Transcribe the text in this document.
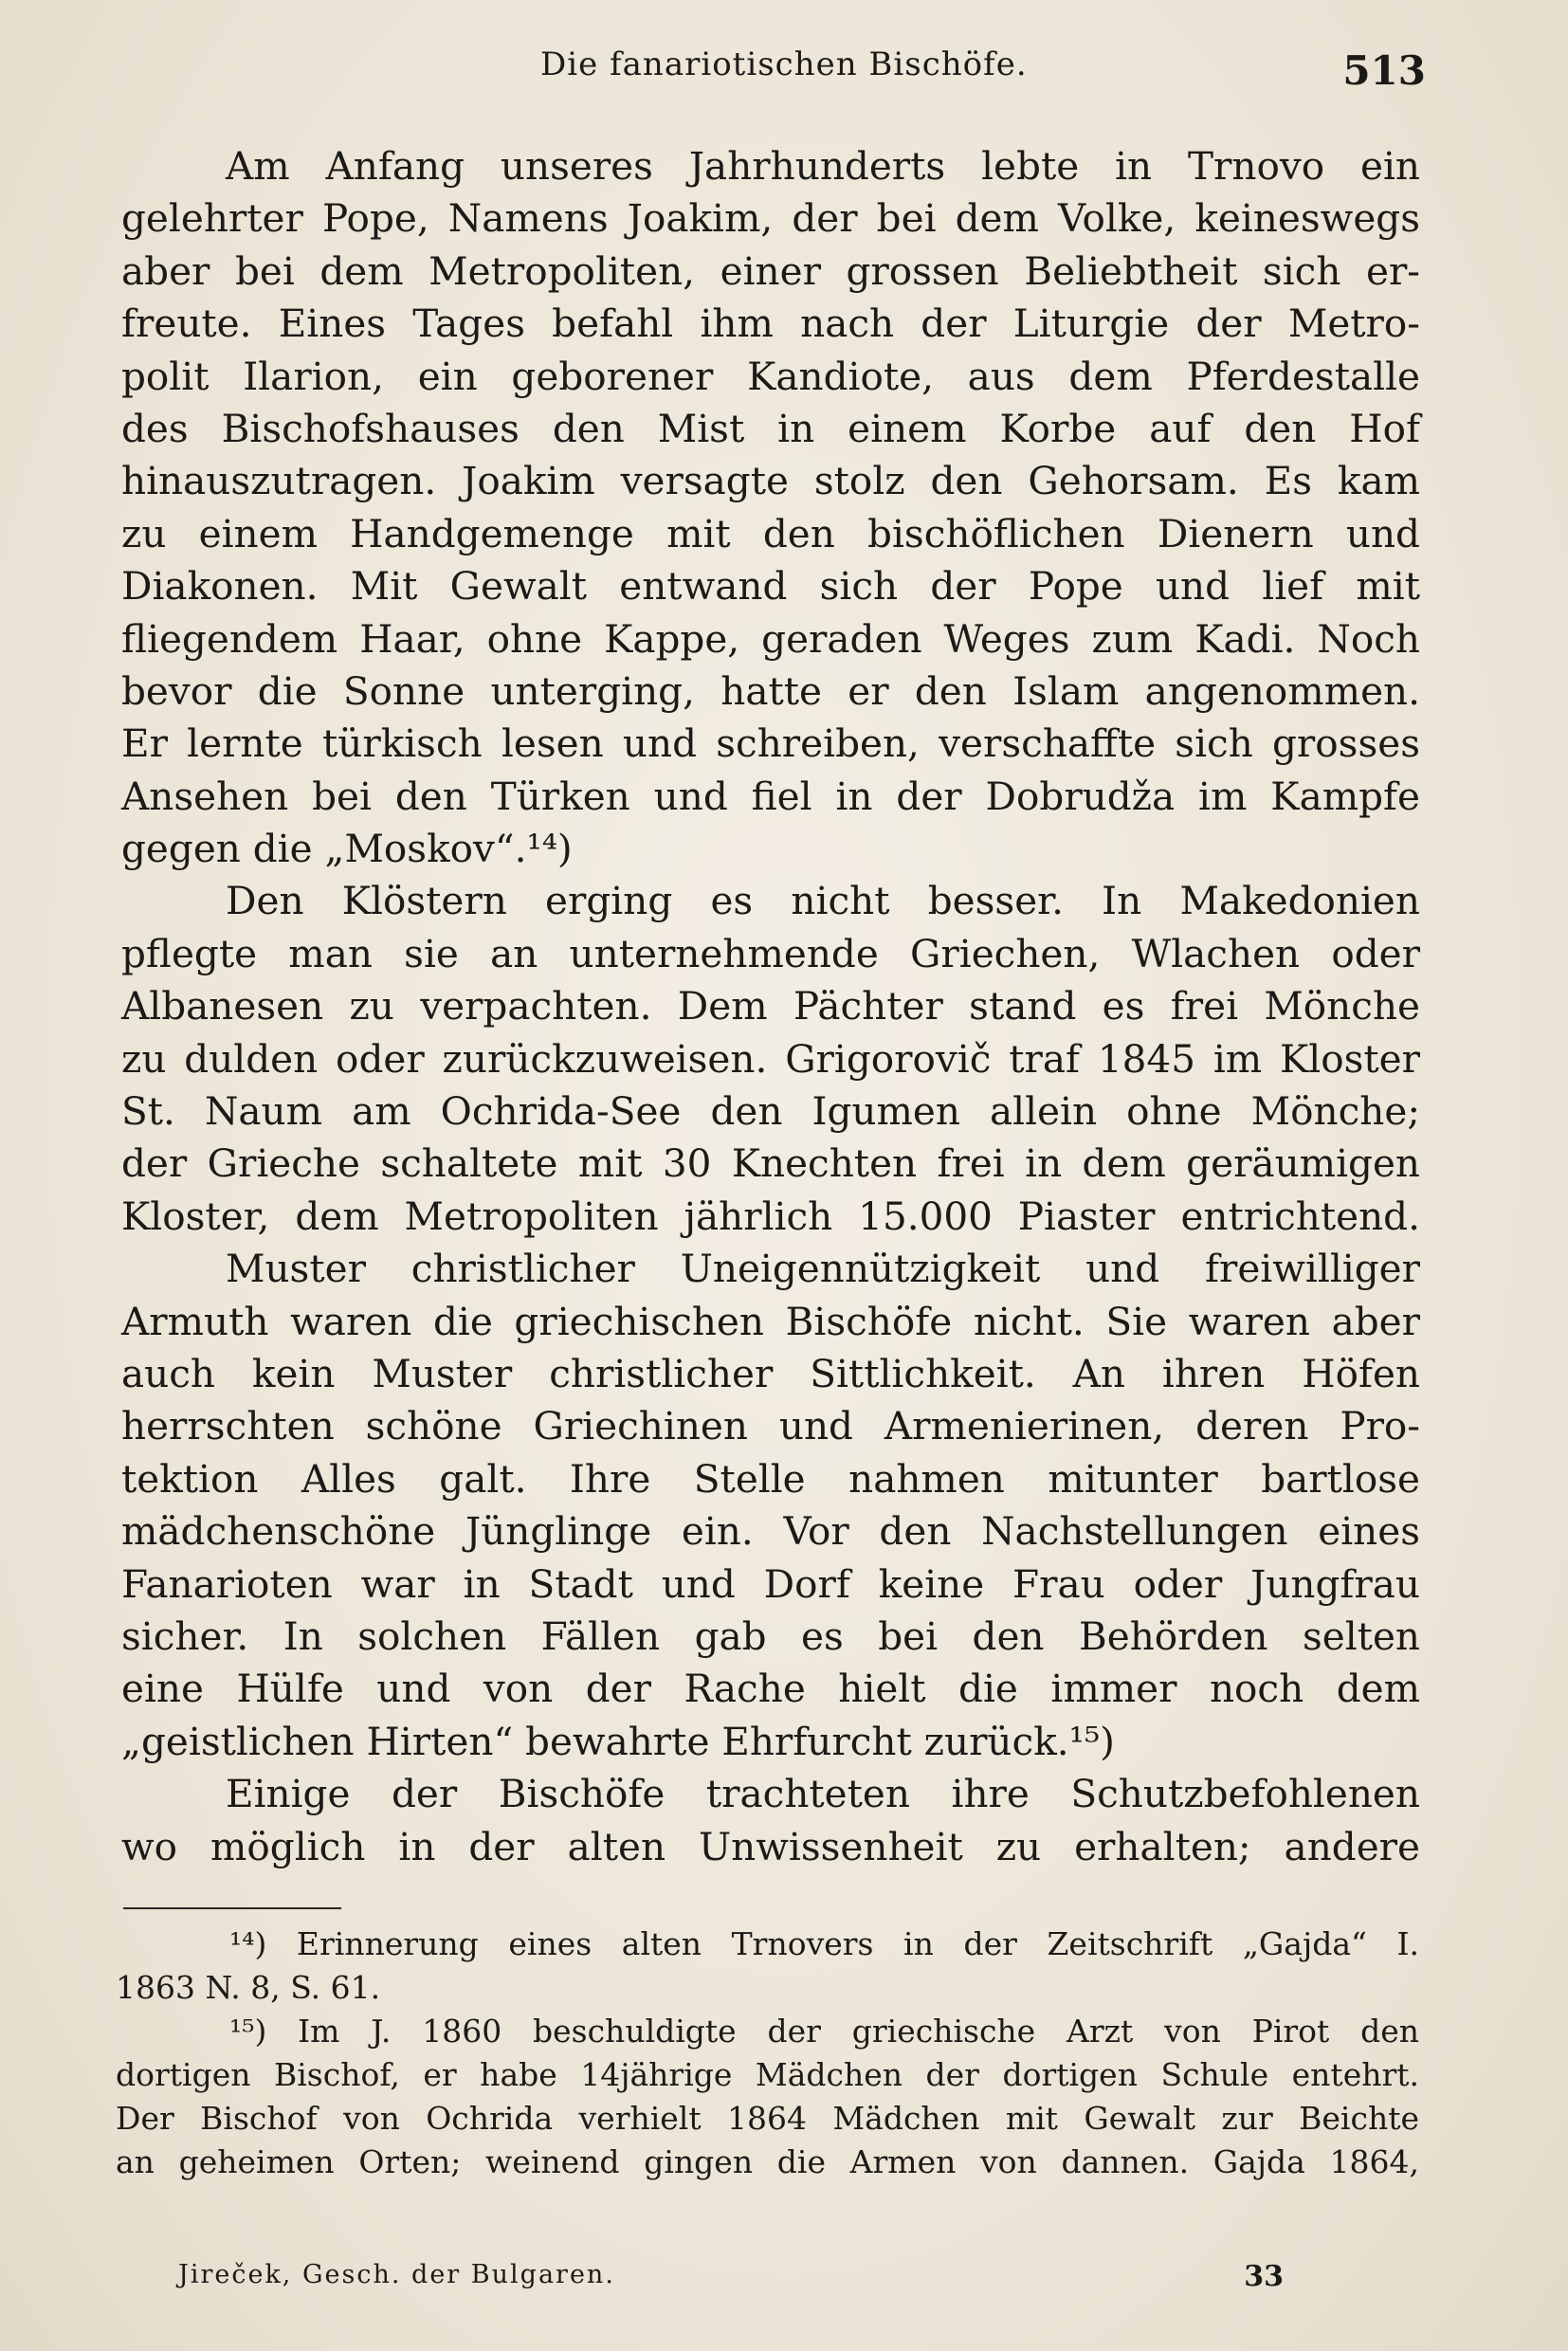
Die fanariotischen Bischöfe.	513
Am Anfang unseres Jahrhunderts lebte in Trnovo ein
gelehrter Pope, Namens Joakim, der bei dem Volke, keineswegs
aber bei dem Metropoliten, einer grossen Beliebtheit sich er-
freute. Eines Tages befahl ihm nach der Liturgie der Metro-
polit Ilarion, ein geborener Kandiote, aus dem Pferdestalle
des Bischofshauses den Mist in einem Korbe auf den Hof
hinauszutragen. Joakim versagte stolz den Gehorsam. Es kam
zu einem Handgemenge mit den bischöflichen Dienern und
Diakonen. Mit Gewalt entwand sich der Pope und lief mit
fliegendem Haar, ohne Kappe, geraden Weges zum Kadi. Noch
bevor die Sonne unterging, hatte er den Islam angenommen.
Er lernte türkisch lesen und schreiben, verschaffte sich grosses
Ansehen bei den Türken und fiel in der Dobrudža im Kampfe
gegen die „Moskov“.¹⁴)
Den Klöstern erging es nicht besser. In Makedonien
pflegte man sie an unternehmende Griechen, Wlachen oder
Albanesen zu verpachten. Dem Pächter stand es frei Mönche
zu dulden oder zurückzuweisen. Grigorovič traf 1845 im Kloster
St. Naum am Ochrida-See den Igumen allein ohne Mönche;
der Grieche schaltete mit 30 Knechten frei in dem geräumigen
Kloster, dem Metropoliten jährlich 15.000 Piaster entrichtend.
Muster christlicher Uneigennützigkeit und freiwilliger
Armuth waren die griechischen Bischöfe nicht. Sie waren aber
auch kein Muster christlicher Sittlichkeit. An ihren Höfen
herrschten schöne Griechinen und Armenierinen, deren Pro-
tektion Alles galt. Ihre Stelle nahmen mitunter bartlose
mädchenschöne Jünglinge ein. Vor den Nachstellungen eines
Fanarioten war in Stadt und Dorf keine Frau oder Jungfrau
sicher. In solchen Fällen gab es bei den Behörden selten
eine Hülfe und von der Rache hielt die immer noch dem
„geistlichen Hirten“ bewahrte Ehrfurcht zurück.¹⁵)
Einige der Bischöfe trachteten ihre Schutzbefohlenen
wo möglich in der alten Unwissenheit zu erhalten; andere
¹⁴) Erinnerung eines alten Trnovers in der Zeitschrift „Gajda“ I.
1863 N. 8, S. 61.
¹⁵) Im J. 1860 beschuldigte der griechische Arzt von Pirot den
dortigen Bischof, er habe 14jährige Mädchen der dortigen Schule entehrt.
Der Bischof von Ochrida verhielt 1864 Mädchen mit Gewalt zur Beichte
an geheimen Orten; weinend gingen die Armen von dannen. Gajda 1864,
Jireček, Gesch. der Bulgaren.	33
